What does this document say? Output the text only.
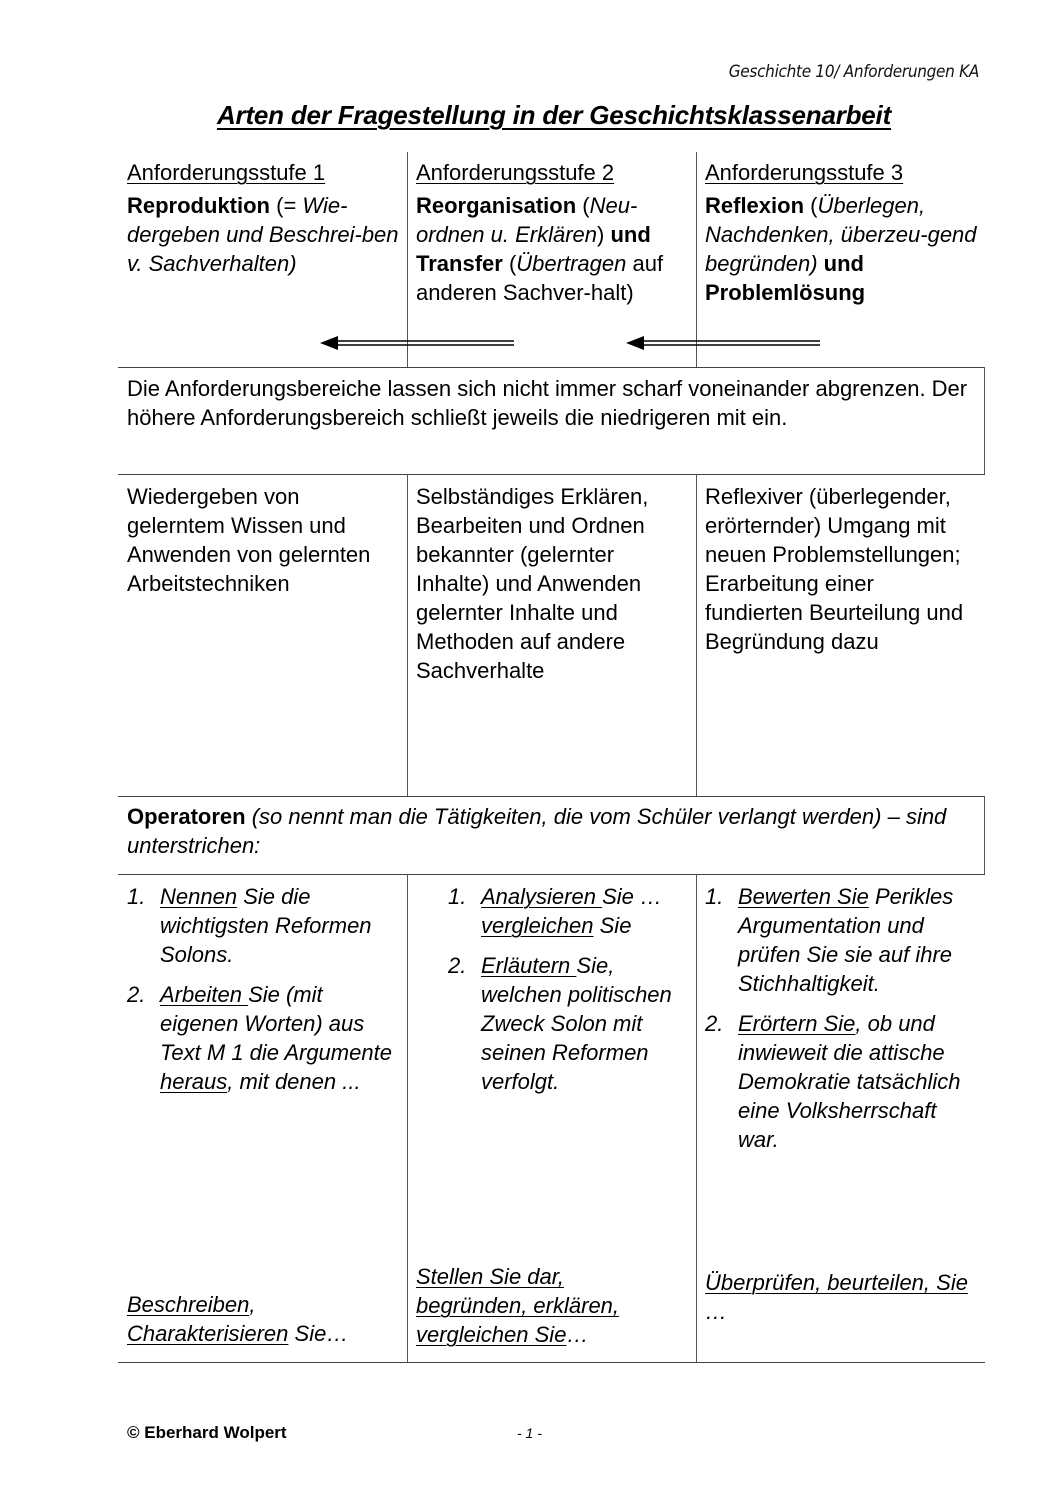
Geschichte 10/ Anforderungen KA
Arten der Fragestellung in der Geschichtsklassenarbeit
Anforderungsstufe 1
Reproduktion (= Wie-dergeben und Beschrei-ben v. Sachverhalten)
Anforderungsstufe 2
Reorganisation (Neu-ordnen u. Erklären) und Transfer (Übertragen auf anderen Sachver-halt)
Anforderungsstufe 3
Reflexion (Überlegen, Nachdenken, überzeu-gend begründen) und Problemlösung
Die Anforderungsbereiche lassen sich nicht immer scharf voneinander abgrenzen. Der höhere Anforderungsbereich schließt jeweils die niedrigeren mit ein.
Wiedergeben von gelerntem Wissen und Anwenden von gelernten Arbeitstechniken
Selbständiges Erklären, Bearbeiten und Ordnen bekannter (gelernter Inhalte) und Anwenden gelernter Inhalte und Methoden auf andere Sachverhalte
Reflexiver (überlegender, erörternder) Umgang mit neuen Problemstellungen; Erarbeitung einer fundierten Beurteilung und Begründung dazu
Operatoren (so nennt man die Tätigkeiten, die vom Schüler verlangt werden) – sind unterstrichen:
1. Nennen Sie die wichtigsten Reformen Solons.
2. Arbeiten Sie (mit eigenen Worten) aus Text M 1 die Argumente heraus, mit denen ...
1. Analysieren Sie … vergleichen Sie
2. Erläutern Sie, welchen politischen Zweck Solon mit seinen Reformen verfolgt.
1. Bewerten Sie Perikles Argumentation und prüfen Sie sie auf ihre Stichhaltigkeit.
2. Erörtern Sie, ob und inwieweit die attische Demokratie tatsächlich eine Volksherrschaft war.
Beschreiben, Charakterisieren Sie…
Stellen Sie dar, begründen, erklären, vergleichen Sie…
Überprüfen, beurteilen, Sie …
© Eberhard Wolpert	- 1 -
